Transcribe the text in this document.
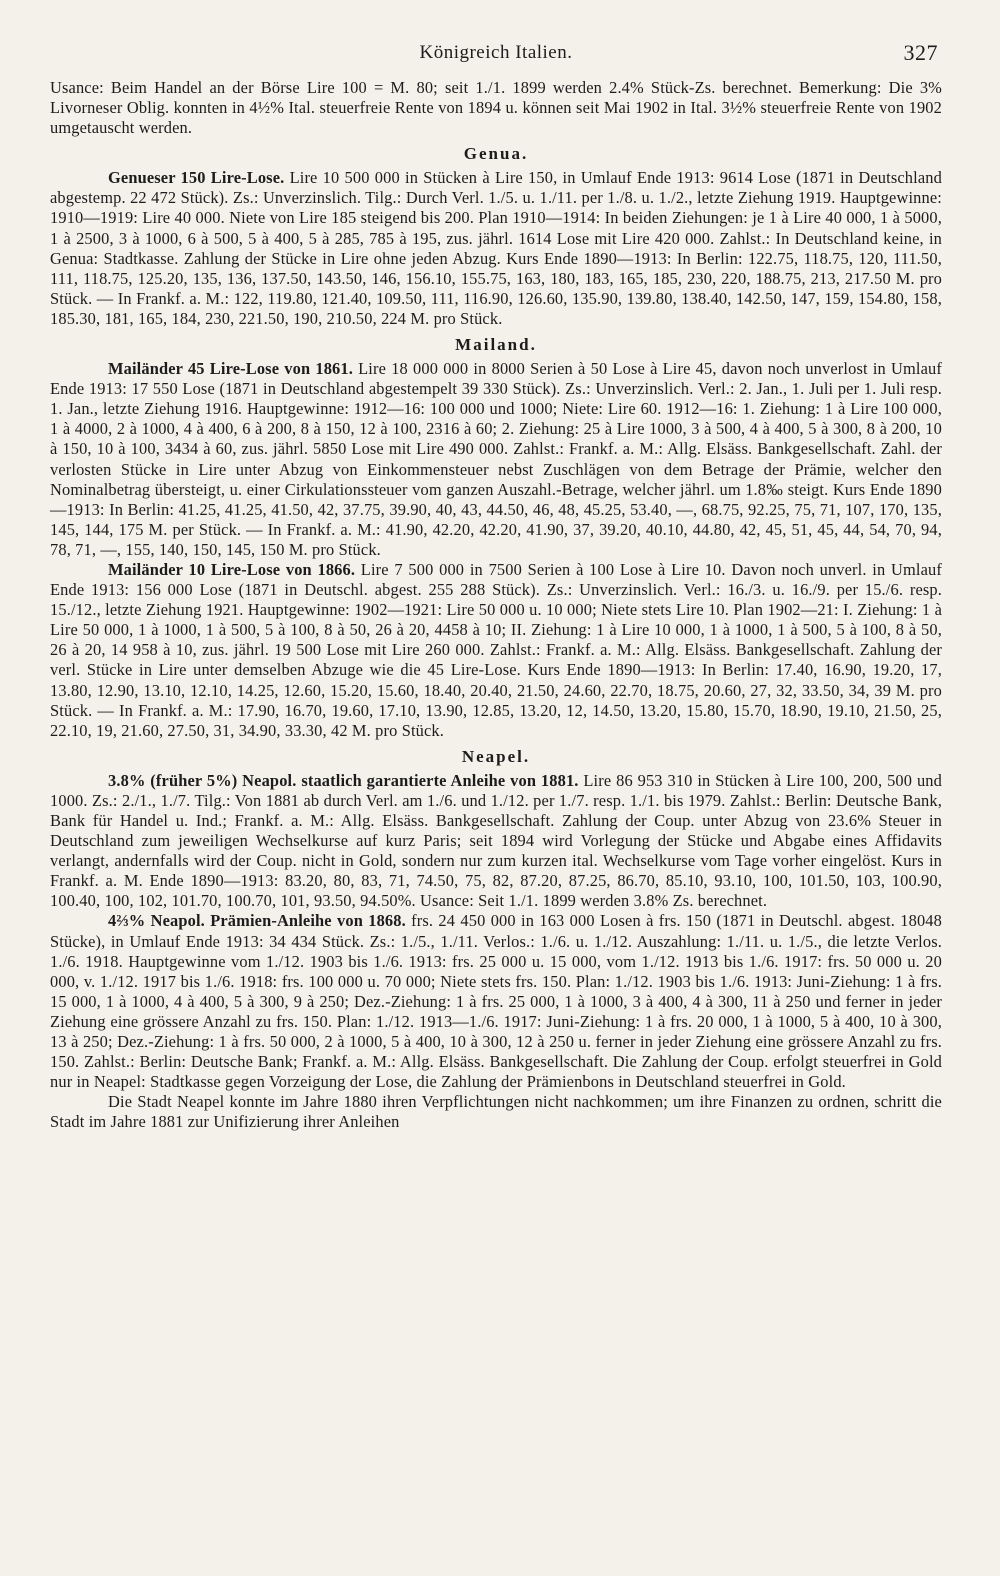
Königreich Italien.	327

Usance: Beim Handel an der Börse Lire 100 = M. 80; seit 1./1. 1899 werden 2.4% Stück-Zs. berechnet. Bemerkung: Die 3% Livorneser Oblig. konnten in 4½% Ital. steuerfreie Rente von 1894 u. können seit Mai 1902 in Ital. 3½% steuerfreie Rente von 1902 umgetauscht werden.

Genua.

Genueser 150 Lire-Lose. Lire 10 500 000 in Stücken à Lire 150, in Umlauf Ende 1913: 9614 Lose (1871 in Deutschland abgestemp. 22 472 Stück). Zs.: Unverzinslich. Tilg.: Durch Verl. 1./5. u. 1./11. per 1./8. u. 1./2., letzte Ziehung 1919. Hauptgewinne: 1910—1919: Lire 40 000. Niete von Lire 185 steigend bis 200. Plan 1910—1914: In beiden Ziehungen: je 1 à Lire 40 000, 1 à 5000, 1 à 2500, 3 à 1000, 6 à 500, 5 à 400, 5 à 285, 785 à 195, zus. jährl. 1614 Lose mit Lire 420 000. Zahlst.: In Deutschland keine, in Genua: Stadtkasse. Zahlung der Stücke in Lire ohne jeden Abzug. Kurs Ende 1890—1913: In Berlin: 122.75, 118.75, 120, 111.50, 111, 118.75, 125.20, 135, 136, 137.50, 143.50, 146, 156.10, 155.75, 163, 180, 183, 165, 185, 230, 220, 188.75, 213, 217.50 M. pro Stück. — In Frankf. a. M.: 122, 119.80, 121.40, 109.50, 111, 116.90, 126.60, 135.90, 139.80, 138.40, 142.50, 147, 159, 154.80, 158, 185.30, 181, 165, 184, 230, 221.50, 190, 210.50, 224 M. pro Stück.

Mailand.

Mailänder 45 Lire-Lose von 1861. Lire 18 000 000 in 8000 Serien à 50 Lose à Lire 45, davon noch unverlost in Umlauf Ende 1913: 17 550 Lose (1871 in Deutschland abgestempelt 39 330 Stück). Zs.: Unverzinslich. Verl.: 2. Jan., 1. Juli per 1. Juli resp. 1. Jan., letzte Ziehung 1916. Hauptgewinne: 1912—16: 100 000 und 1000; Niete: Lire 60. 1912—16: 1. Ziehung: 1 à Lire 100 000, 1 à 4000, 2 à 1000, 4 à 400, 6 à 200, 8 à 150, 12 à 100, 2316 à 60; 2. Ziehung: 25 à Lire 1000, 3 à 500, 4 à 400, 5 à 300, 8 à 200, 10 à 150, 10 à 100, 3434 à 60, zus. jährl. 5850 Lose mit Lire 490 000. Zahlst.: Frankf. a. M.: Allg. Elsäss. Bankgesellschaft. Zahl. der verlosten Stücke in Lire unter Abzug von Einkommensteuer nebst Zuschlägen von dem Betrage der Prämie, welcher den Nominalbetrag übersteigt, u. einer Cirkulationssteuer vom ganzen Auszahl.-Betrage, welcher jährl. um 1.8‰ steigt. Kurs Ende 1890—1913: In Berlin: 41.25, 41.25, 41.50, 42, 37.75, 39.90, 40, 43, 44.50, 46, 48, 45.25, 53.40, —, 68.75, 92.25, 75, 71, 107, 170, 135, 145, 144, 175 M. per Stück. — In Frankf. a. M.: 41.90, 42.20, 42.20, 41.90, 37, 39.20, 40.10, 44.80, 42, 45, 51, 45, 44, 54, 70, 94, 78, 71, —, 155, 140, 150, 145, 150 M. pro Stück.

Mailänder 10 Lire-Lose von 1866. Lire 7 500 000 in 7500 Serien à 100 Lose à Lire 10. Davon noch unverl. in Umlauf Ende 1913: 156 000 Lose (1871 in Deutschl. abgest. 255 288 Stück). Zs.: Unverzinslich. Verl.: 16./3. u. 16./9. per 15./6. resp. 15./12., letzte Ziehung 1921. Hauptgewinne: 1902—1921: Lire 50 000 u. 10 000; Niete stets Lire 10. Plan 1902—21: I. Ziehung: 1 à Lire 50 000, 1 à 1000, 1 à 500, 5 à 100, 8 à 50, 26 à 20, 4458 à 10; II. Ziehung: 1 à Lire 10 000, 1 à 1000, 1 à 500, 5 à 100, 8 à 50, 26 à 20, 14 958 à 10, zus. jährl. 19 500 Lose mit Lire 260 000. Zahlst.: Frankf. a. M.: Allg. Elsäss. Bankgesellschaft. Zahlung der verl. Stücke in Lire unter demselben Abzuge wie die 45 Lire-Lose. Kurs Ende 1890—1913: In Berlin: 17.40, 16.90, 19.20, 17, 13.80, 12.90, 13.10, 12.10, 14.25, 12.60, 15.20, 15.60, 18.40, 20.40, 21.50, 24.60, 22.70, 18.75, 20.60, 27, 32, 33.50, 34, 39 M. pro Stück. — In Frankf. a. M.: 17.90, 16.70, 19.60, 17.10, 13.90, 12.85, 13.20, 12, 14.50, 13.20, 15.80, 15.70, 18.90, 19.10, 21.50, 25, 22.10, 19, 21.60, 27.50, 31, 34.90, 33.30, 42 M. pro Stück.

Neapel.

3.8% (früher 5%) Neapol. staatlich garantierte Anleihe von 1881. Lire 86 953 310 in Stücken à Lire 100, 200, 500 und 1000. Zs.: 2./1., 1./7. Tilg.: Von 1881 ab durch Verl. am 1./6. und 1./12. per 1./7. resp. 1./1. bis 1979. Zahlst.: Berlin: Deutsche Bank, Bank für Handel u. Ind.; Frankf. a. M.: Allg. Elsäss. Bankgesellschaft. Zahlung der Coup. unter Abzug von 23.6% Steuer in Deutschland zum jeweiligen Wechselkurse auf kurz Paris; seit 1894 wird Vorlegung der Stücke und Abgabe eines Affidavits verlangt, andernfalls wird der Coup. nicht in Gold, sondern nur zum kurzen ital. Wechselkurse vom Tage vorher eingelöst. Kurs in Frankf. a. M. Ende 1890—1913: 83.20, 80, 83, 71, 74.50, 75, 82, 87.20, 87.25, 86.70, 85.10, 93.10, 100, 101.50, 103, 100.90, 100.40, 100, 102, 101.70, 100.70, 101, 93.50, 94.50%. Usance: Seit 1./1. 1899 werden 3.8% Zs. berechnet.

4⅔% Neapol. Prämien-Anleihe von 1868. frs. 24 450 000 in 163 000 Losen à frs. 150 (1871 in Deutschl. abgest. 18048 Stücke), in Umlauf Ende 1913: 34 434 Stück. Zs.: 1./5., 1./11. Verlos.: 1./6. u. 1./12. Auszahlung: 1./11. u. 1./5., die letzte Verlos. 1./6. 1918. Hauptgewinne vom 1./12. 1903 bis 1./6. 1913: frs. 25 000 u. 15 000, vom 1./12. 1913 bis 1./6. 1917: frs. 50 000 u. 20 000, v. 1./12. 1917 bis 1./6. 1918: frs. 100 000 u. 70 000; Niete stets frs. 150. Plan: 1./12. 1903 bis 1./6. 1913: Juni-Ziehung: 1 à frs. 15 000, 1 à 1000, 4 à 400, 5 à 300, 9 à 250; Dez.-Ziehung: 1 à frs. 25 000, 1 à 1000, 3 à 400, 4 à 300, 11 à 250 und ferner in jeder Ziehung eine grössere Anzahl zu frs. 150. Plan: 1./12. 1913—1./6. 1917: Juni-Ziehung: 1 à frs. 20 000, 1 à 1000, 5 à 400, 10 à 300, 13 à 250; Dez.-Ziehung: 1 à frs. 50 000, 2 à 1000, 5 à 400, 10 à 300, 12 à 250 u. ferner in jeder Ziehung eine grössere Anzahl zu frs. 150. Zahlst.: Berlin: Deutsche Bank; Frankf. a. M.: Allg. Elsäss. Bankgesellschaft. Die Zahlung der Coup. erfolgt steuerfrei in Gold nur in Neapel: Stadtkasse gegen Vorzeigung der Lose, die Zahlung der Prämienbons in Deutschland steuerfrei in Gold.

Die Stadt Neapel konnte im Jahre 1880 ihren Verpflichtungen nicht nachkommen; um ihre Finanzen zu ordnen, schritt die Stadt im Jahre 1881 zur Unifizierung ihrer Anleihen
